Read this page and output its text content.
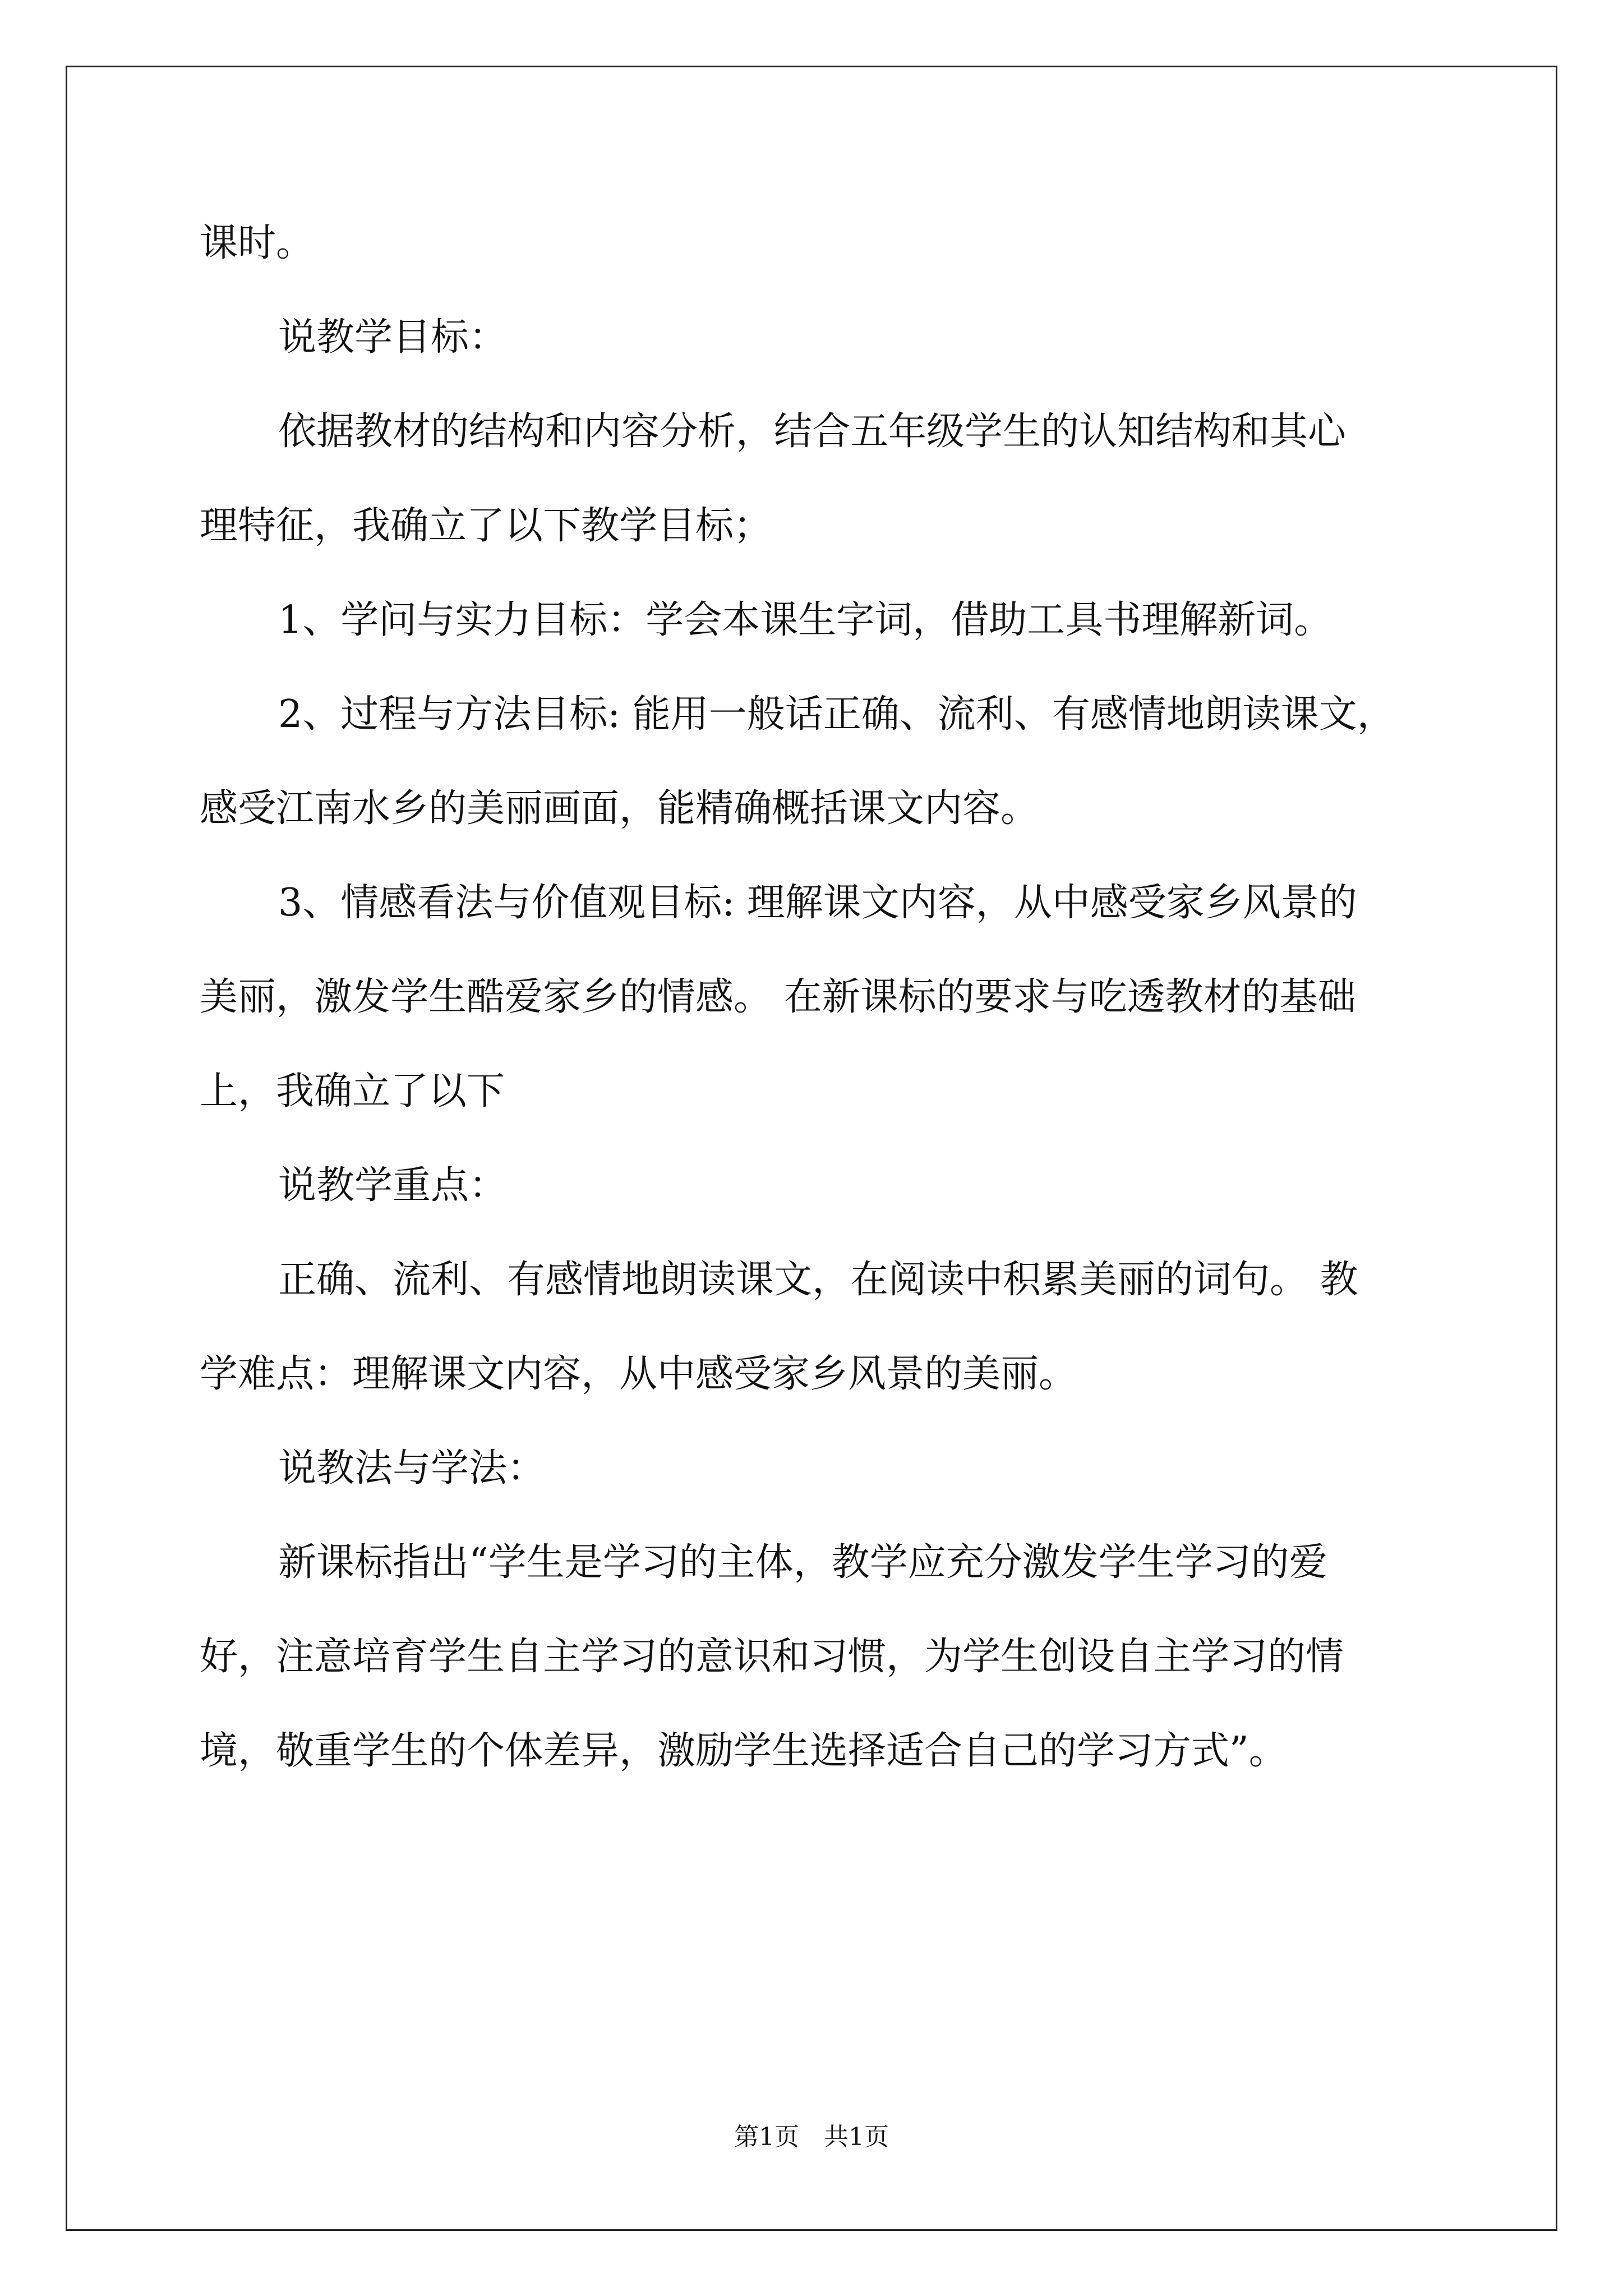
课时。
说教学目标：
依据教材的结构和内容分析，结合五年级学生的认知结构和其心
理特征，我确立了以下教学目标；
1、学问与实力目标：学会本课生字词，借助工具书理解新词。
2、过程与方法目标: 能用一般话正确、流利、有感情地朗读课文，
感受江南水乡的美丽画面，能精确概括课文内容。
3、情感看法与价值观目标: 理解课文内容，从中感受家乡风景的
美丽，激发学生酷爱家乡的情感。 在新课标的要求与吃透教材的基础
上，我确立了以下
说教学重点：
正确、流利、有感情地朗读课文，在阅读中积累美丽的词句。 教
学难点：理解课文内容，从中感受家乡风景的美丽。
说教法与学法：
新课标指出“学生是学习的主体，教学应充分激发学生学习的爱
好，注意培育学生自主学习的意识和习惯，为学生创设自主学习的情
境，敬重学生的个体差异，激励学生选择适合自己的学习方式”。
第1页　共1页
